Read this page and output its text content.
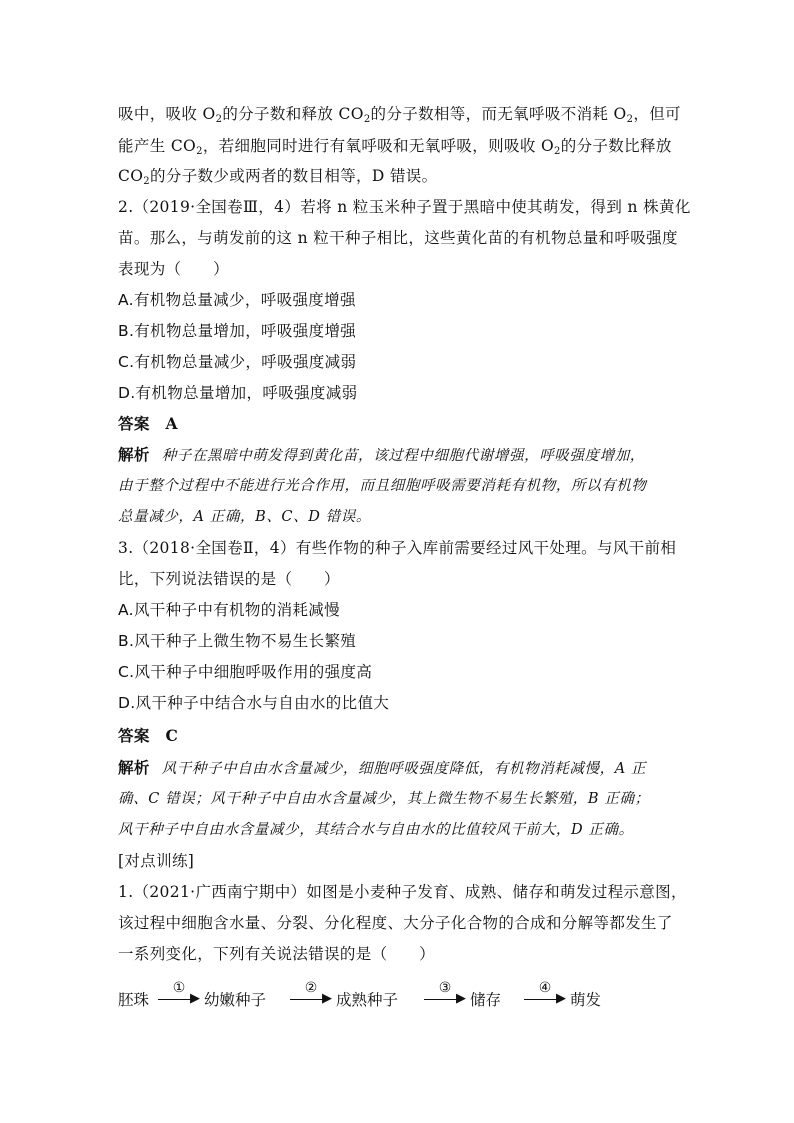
吸中，吸收 $O_2$的分子数和释放 $CO_2$的分子数相等，而无氧呼吸不消耗 $O_2$，但可
能产生 $CO_2$，若细胞同时进行有氧呼吸和无氧呼吸，则吸收 $O_2$的分子数比释放
$CO_2$的分子数少或两者的数目相等，D 错误。
2.（2019·全国卷Ⅲ，4）若将 n 粒玉米种子置于黑暗中使其萌发，得到 n 株黄化
苗。那么，与萌发前的这 n 粒干种子相比，这些黄化苗的有机物总量和呼吸强度
表现为（　　）
A.有机物总量减少，呼吸强度增强
B.有机物总量增加，呼吸强度增强
C.有机物总量减少，呼吸强度减弱
D.有机物总量增加，呼吸强度减弱
答案　A
解析 种子在黑暗中萌发得到黄化苗，该过程中细胞代谢增强，呼吸强度增加，
由于整个过程中不能进行光合作用，而且细胞呼吸需要消耗有机物，所以有机物
总量减少，A 正确，B、C、D 错误。
3.（2018·全国卷Ⅱ，4）有些作物的种子入库前需要经过风干处理。与风干前相
比，下列说法错误的是（　　）
A.风干种子中有机物的消耗减慢
B.风干种子上微生物不易生长繁殖
C.风干种子中细胞呼吸作用的强度高
D.风干种子中结合水与自由水的比值大
答案　C
解析 风干种子中自由水含量减少，细胞呼吸强度降低，有机物消耗减慢，A 正
确、C 错误；风干种子中自由水含量减少，其上微生物不易生长繁殖，B 正确；
风干种子中自由水含量减少，其结合水与自由水的比值较风干前大，D 正确。
[对点训练]
1.（2021·广西南宁期中）如图是小麦种子发育、成熟、储存和萌发过程示意图，
该过程中细胞含水量、分裂、分化程度、大分子化合物的合成和分解等都发生了
一系列变化，下列有关说法错误的是（　　）
胚珠
①
▶ 幼嫩种子
②
▶ 成熟种子
③
▶ 储存
④
▶ 萌发
